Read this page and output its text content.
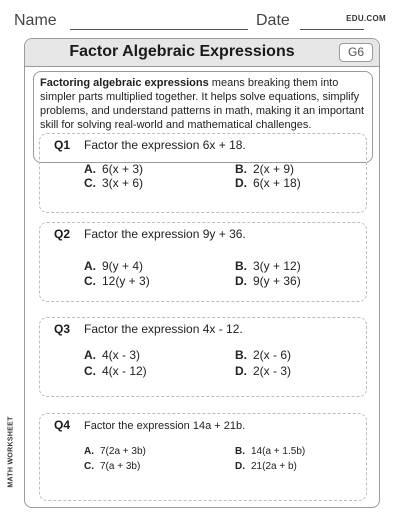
Name	Date	EDU.COM
MATH WORKSHEET
Factor Algebraic Expressions	G6
Factoring algebraic expressions means breaking them into simpler parts multiplied together. It helps solve equations, simplify problems, and understand patterns in math, making it an important skill for solving real-world and mathematical challenges.
Q1 Factor the expression 6x + 18.
A. 6(x + 3)	B. 2(x + 9)
C. 3(x + 6)	D. 6(x + 18)
Q2 Factor the expression 9y + 36.
A. 9(y + 4)	B. 3(y + 12)
C. 12(y + 3)	D. 9(y + 36)
Q3 Factor the expression 4x - 12.
A. 4(x - 3)	B. 2(x - 6)
C. 4(x - 12)	D. 2(x - 3)
Q4 Factor the expression 14a + 21b.
A. 7(2a + 3b)	B. 14(a + 1.5b)
C. 7(a + 3b)	D. 21(2a + b)
